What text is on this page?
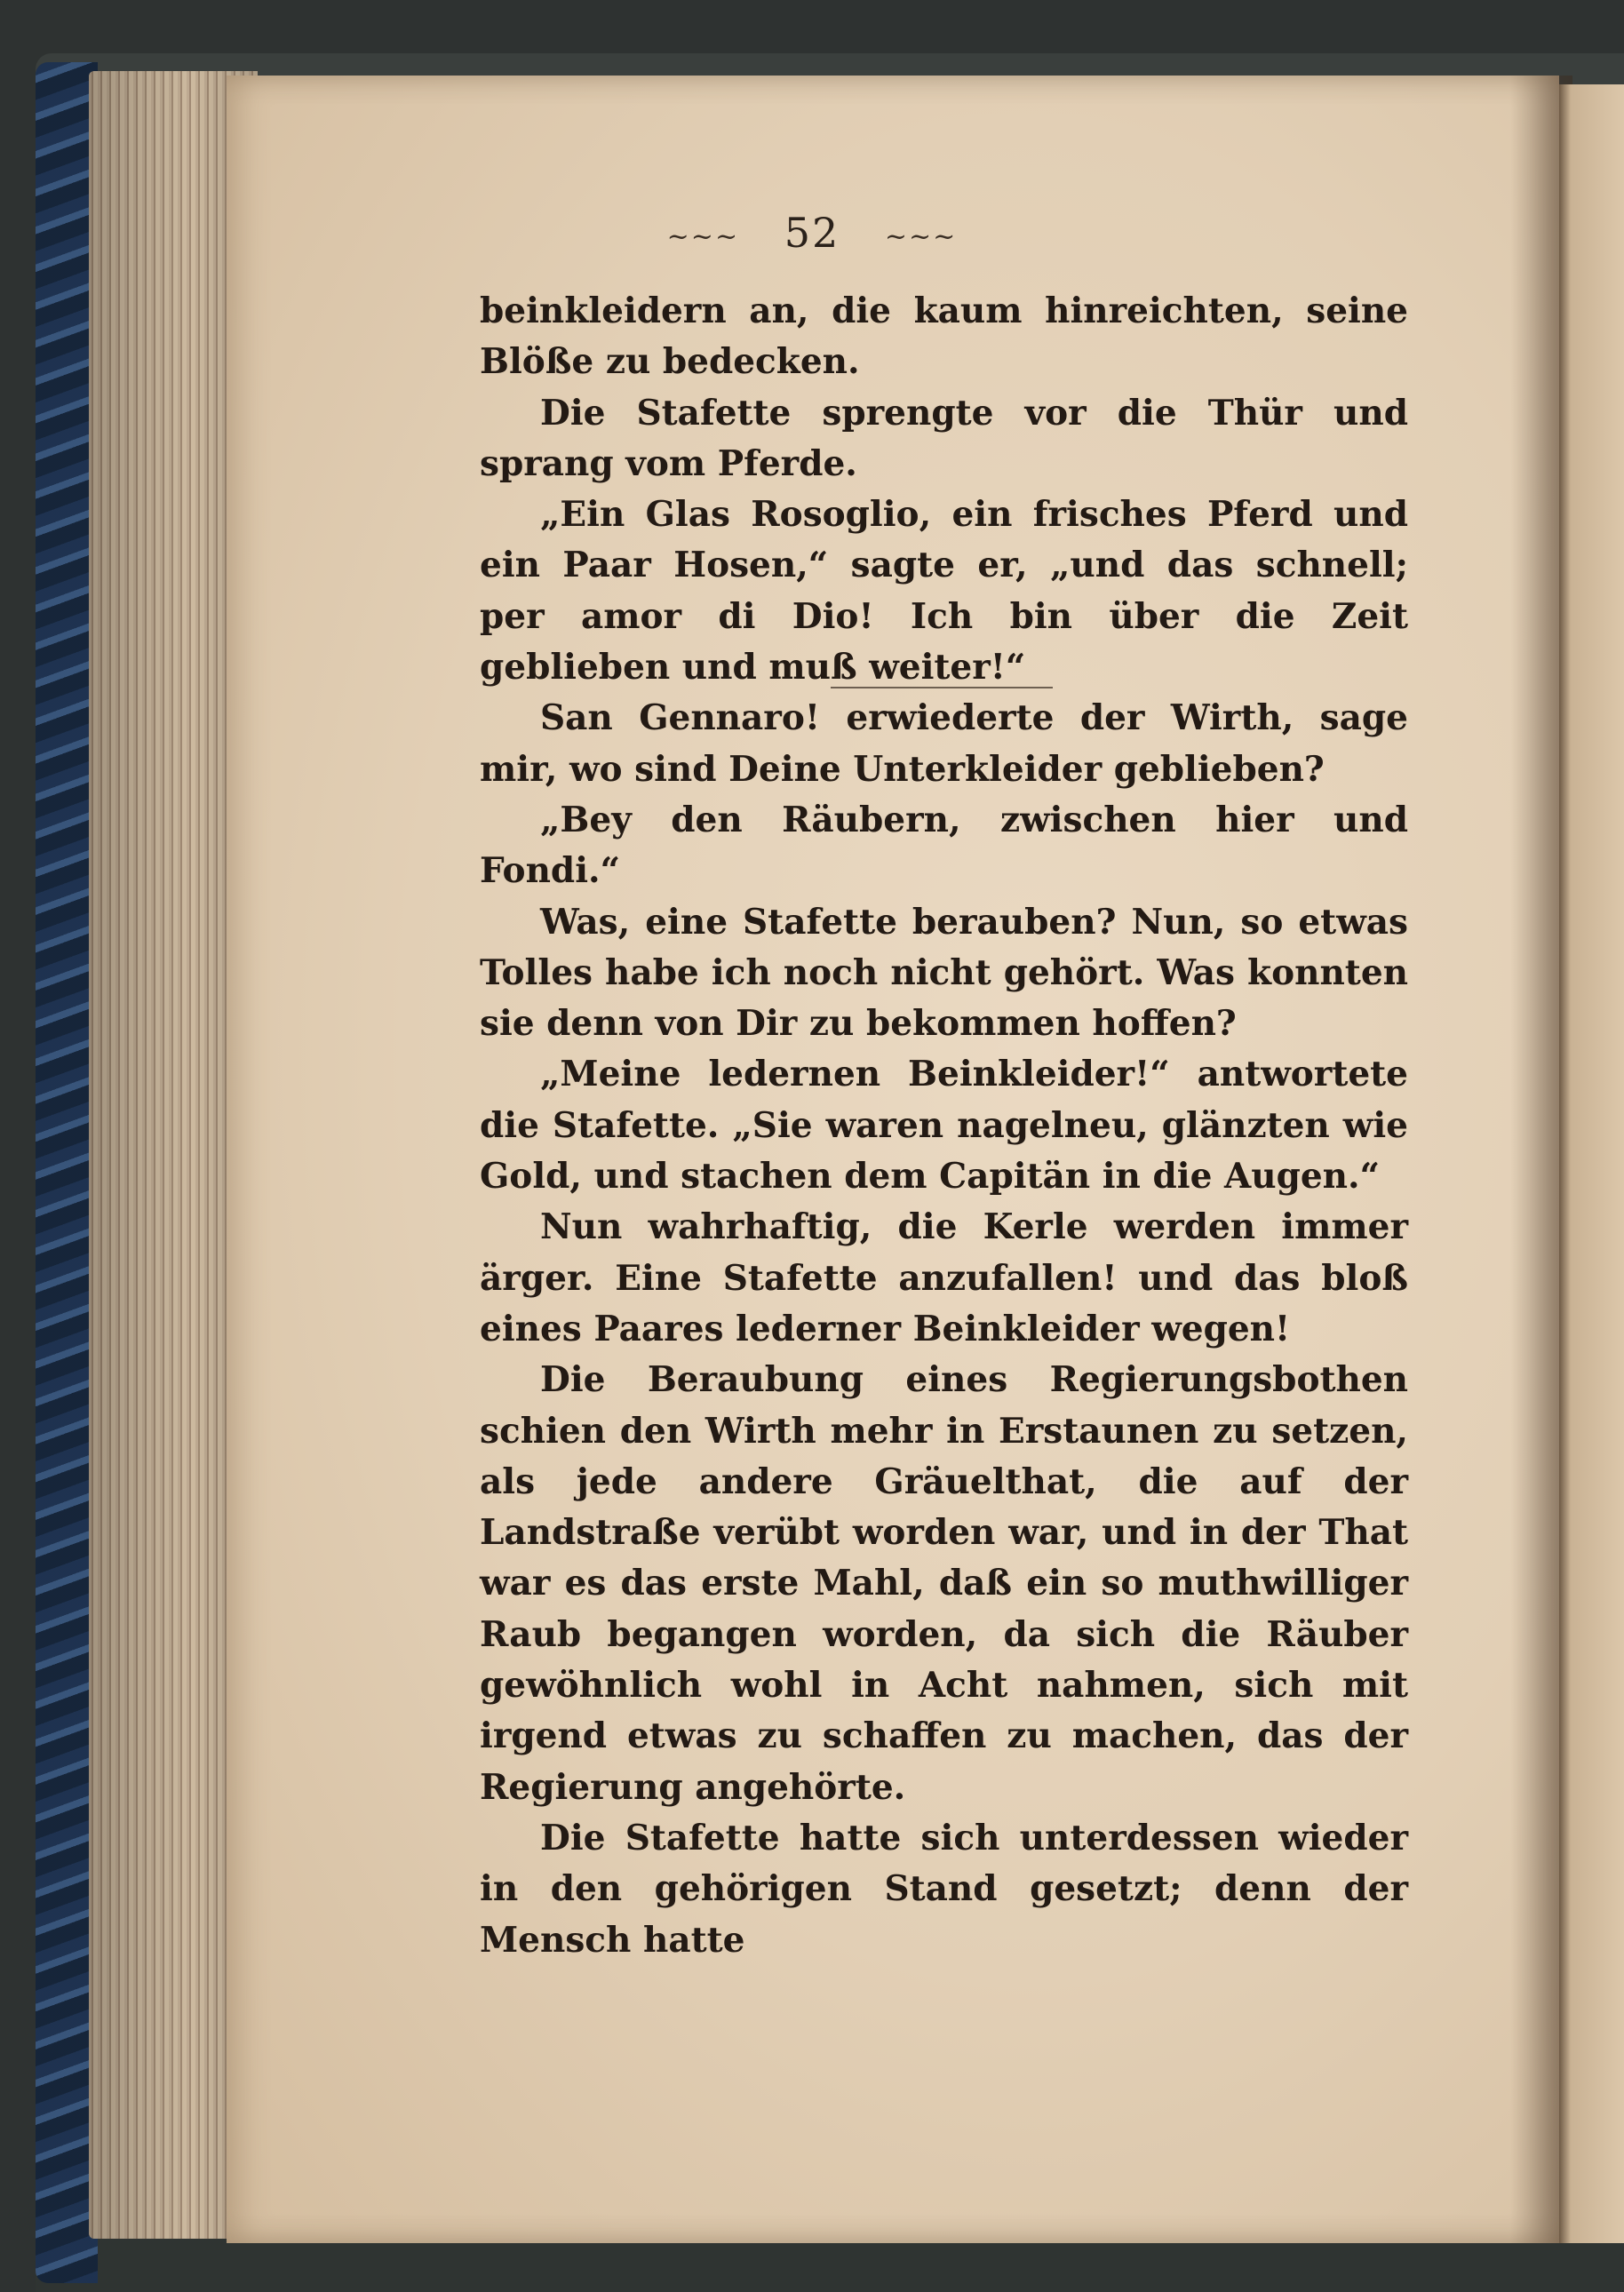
~~~ 52 ~~~

beinkleidern an, die kaum hinreichten, seine Blöße zu bedecken.

Die Stafette sprengte vor die Thür und sprang vom Pferde.

„Ein Glas Rosoglio, ein frisches Pferd und ein Paar Hosen,“ sagte er, „und das schnell; per amor di Dio! Ich bin über die Zeit geblieben und muß weiter!“

San Gennaro! erwiederte der Wirth, sage mir, wo sind Deine Unterkleider geblieben?

„Bey den Räubern, zwischen hier und Fondi.“

Was, eine Stafette berauben? Nun, so etwas Tolles habe ich noch nicht gehört. Was konnten sie denn von Dir zu bekommen hoffen?

„Meine ledernen Beinkleider!“ antwortete die Stafette. „Sie waren nagelneu, glänzten wie Gold, und stachen dem Capitän in die Augen.“

Nun wahrhaftig, die Kerle werden immer ärger. Eine Stafette anzufallen! und das bloß eines Paares lederner Beinkleider wegen!

Die Beraubung eines Regierungsbothen schien den Wirth mehr in Erstaunen zu setzen, als jede andere Gräuelthat, die auf der Landstraße verübt worden war, und in der That war es das erste Mahl, daß ein so muthwilliger Raub begangen worden, da sich die Räuber gewöhnlich wohl in Acht nahmen, sich mit irgend etwas zu schaffen zu machen, das der Regierung angehörte.

Die Stafette hatte sich unterdessen wieder in den gehörigen Stand gesetzt; denn der Mensch hatte
